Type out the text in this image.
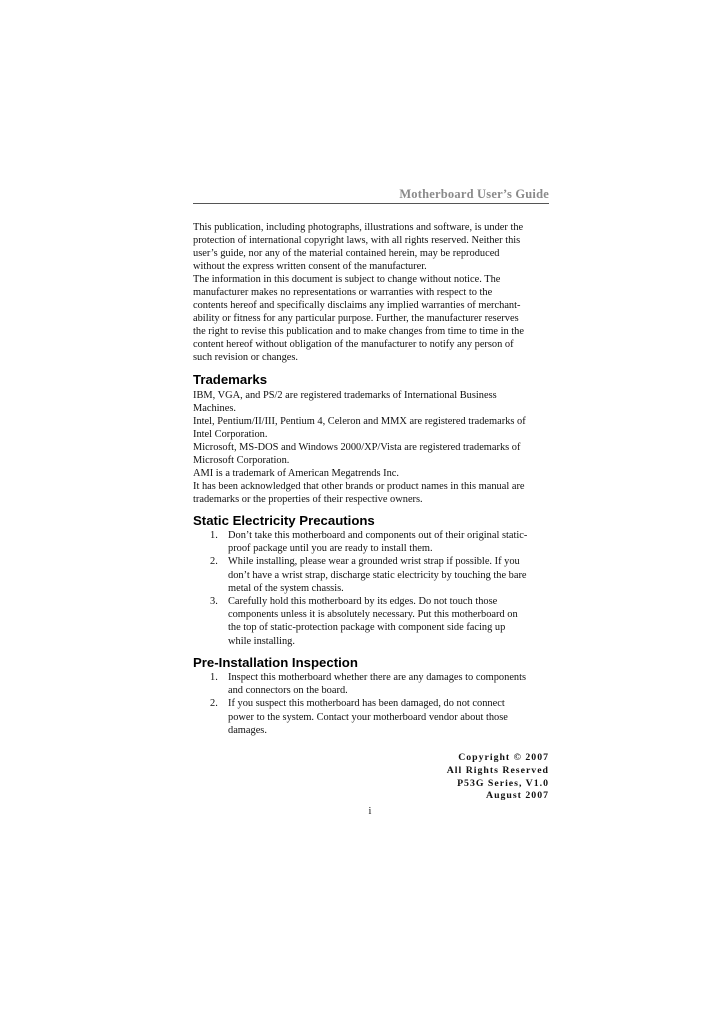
Motherboard User’s Guide

This publication, including photographs, illustrations and software, is under the

protection of international copyright laws, with all rights reserved. Neither this

user’s guide, nor any of the material contained herein, may be reproduced

without the express written consent of the manufacturer.

The information in this document is subject to change without notice. The

manufacturer makes no representations or warranties with respect to the

contents hereof and specifically disclaims any implied warranties of merchant-

ability or fitness for any particular purpose. Further, the manufacturer reserves

the right to revise this publication and to make changes from time to time in the

content hereof without obligation of the manufacturer to notify any person of

such revision or changes.

Trademarks

IBM, VGA, and PS/2 are registered trademarks of International Business

Machines.

Intel, Pentium/II/III, Pentium 4, Celeron and MMX are registered trademarks of

Intel Corporation.

Microsoft, MS-DOS and Windows 2000/XP/Vista are registered trademarks of

Microsoft Corporation.

AMI is a trademark of American Megatrends Inc.

It has been acknowledged that other brands or product names in this manual are

trademarks or the properties of their respective owners.

Static Electricity Precautions
1. Don’t take this motherboard and components out of their original static-
proof package until you are ready to install them.
2. While installing, please wear a grounded wrist strap if possible. If you
don’t have a wrist strap, discharge static electricity by touching the bare
metal of the system chassis.
3. Carefully hold this motherboard by its edges. Do not touch those
components unless it is absolutely necessary. Put this motherboard on
the top of static-protection package with component side facing up
while installing.
Pre-Installation Inspection
1. Inspect this motherboard whether there are any damages to components
and connectors on the board.
2. If you suspect this motherboard has been damaged, do not connect
power to the system. Contact your motherboard vendor about those
damages.
Copyright © 2007
All Rights Reserved
P53G Series, V1.0
August 2007
i
